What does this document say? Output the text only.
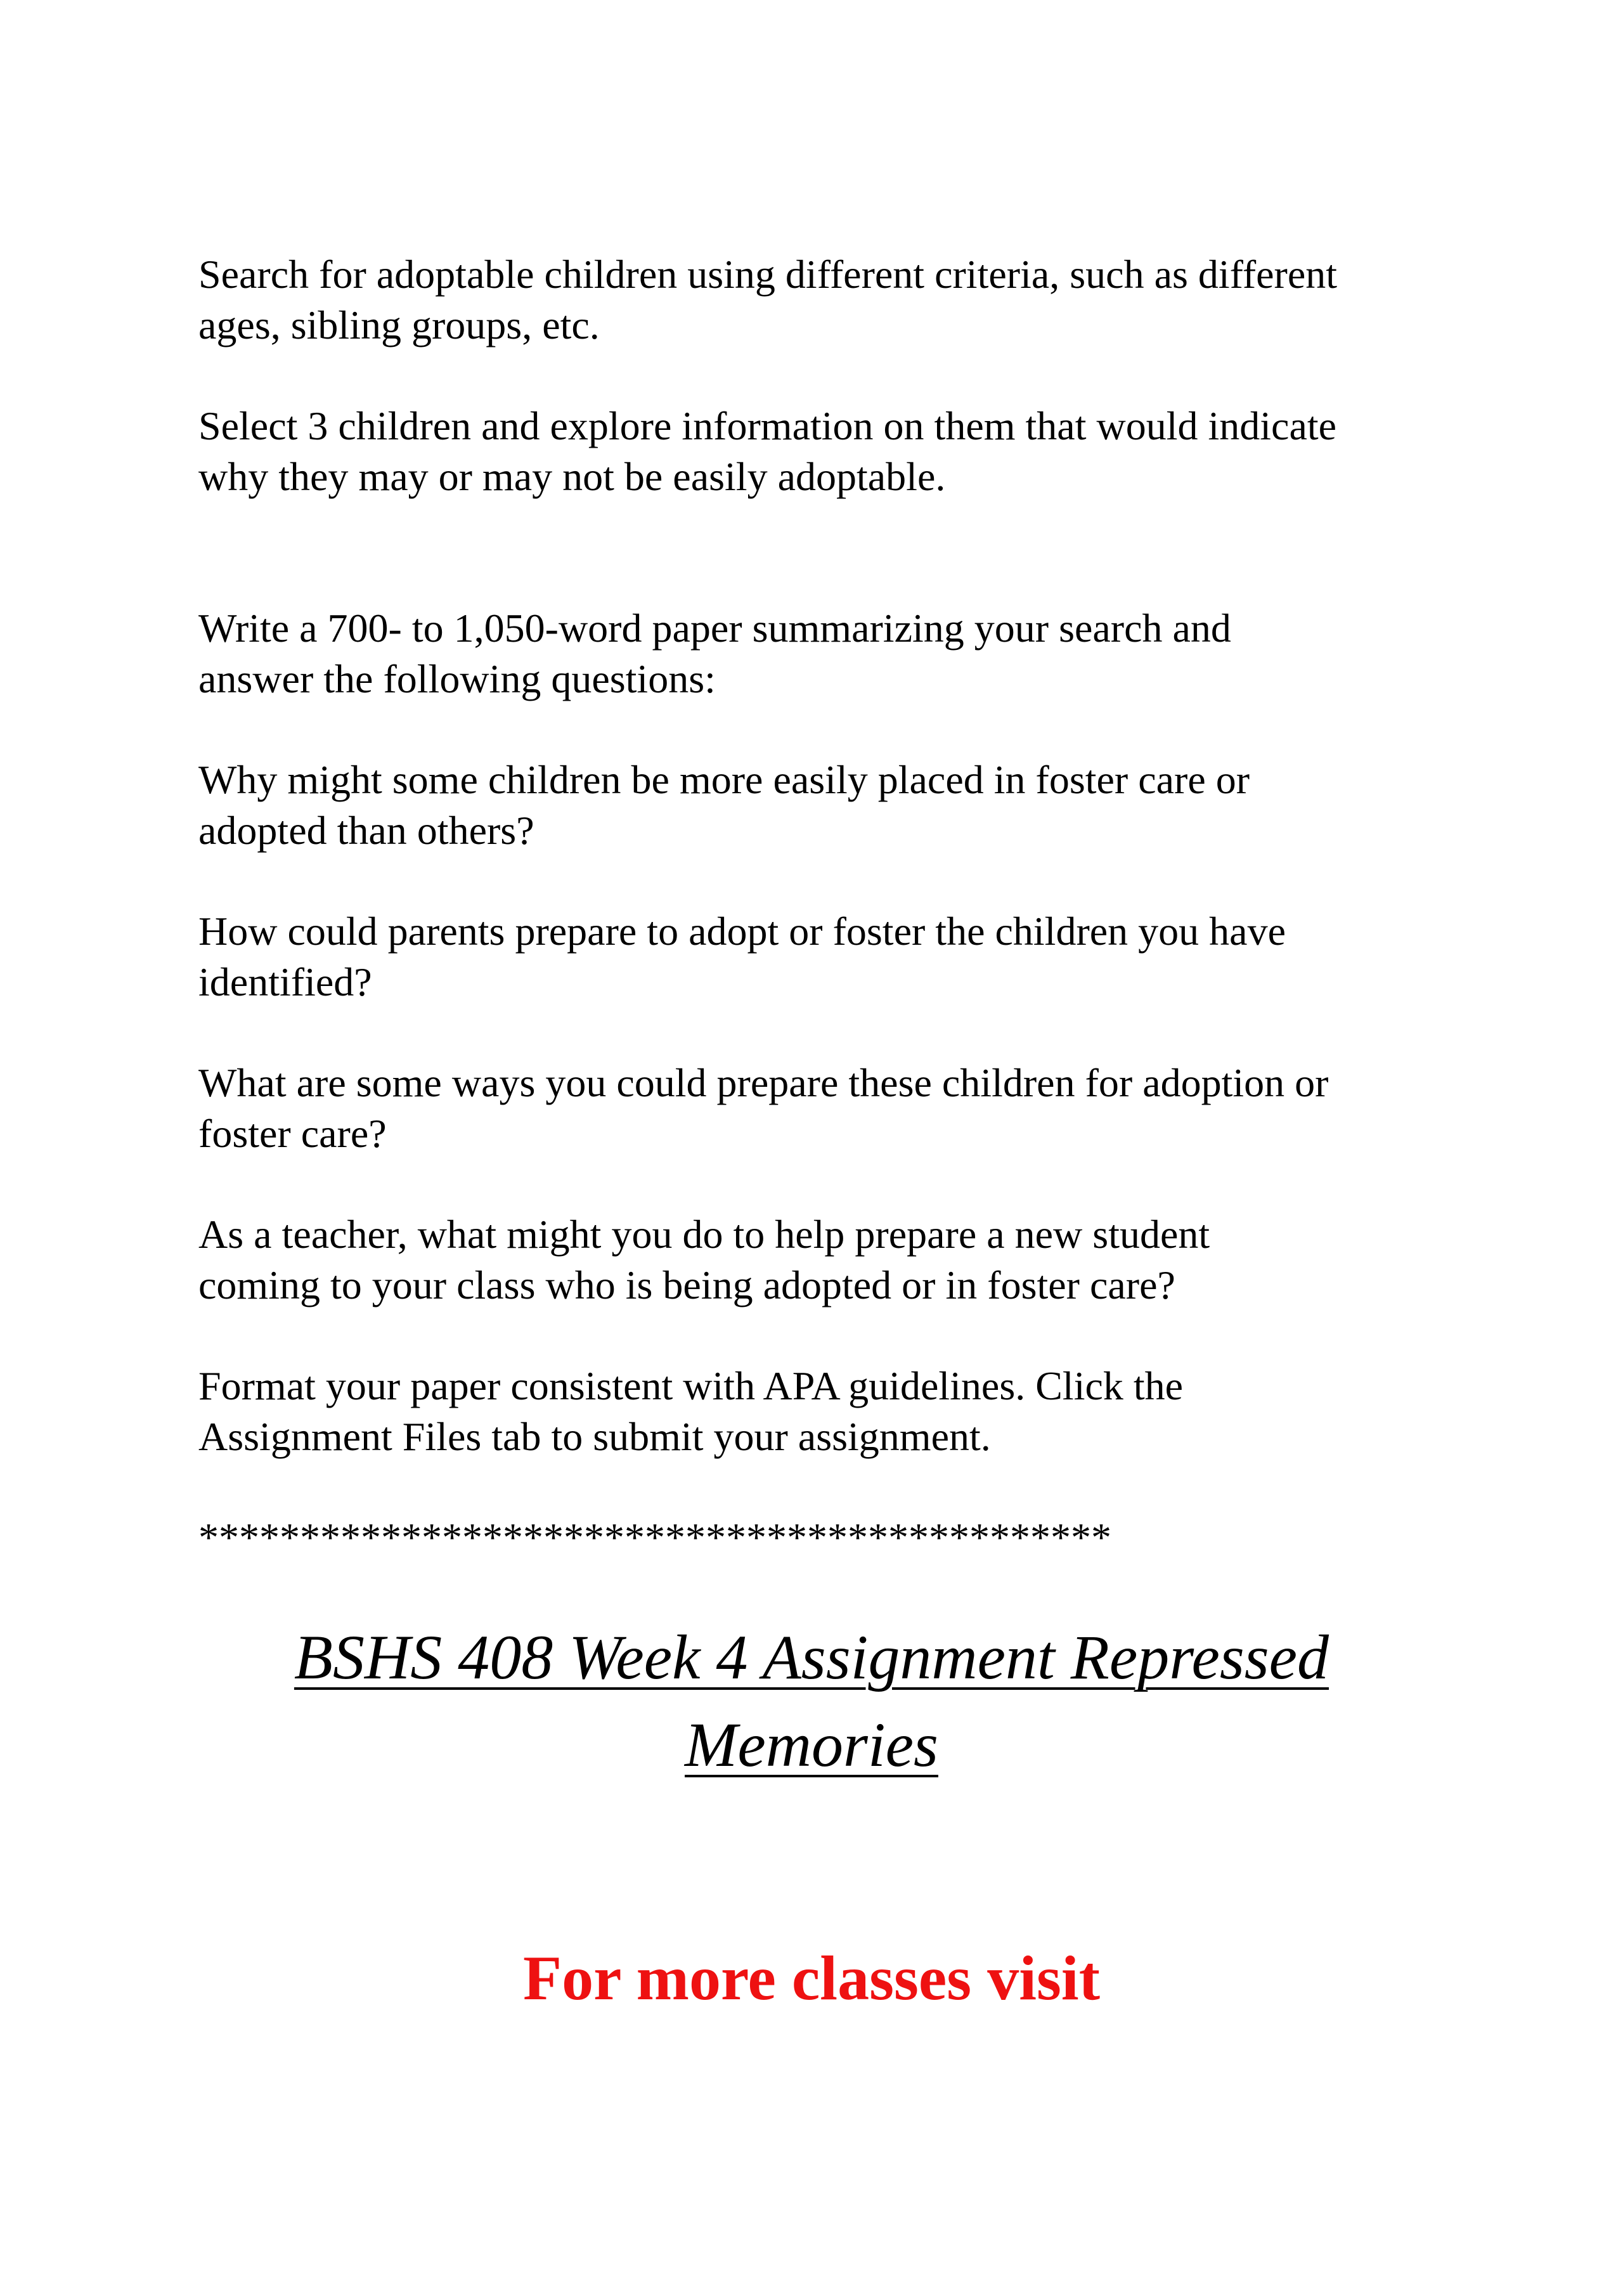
Search for adoptable children using different criteria, such as different
ages, sibling groups, etc.

Select 3 children and explore information on them that would indicate
why they may or may not be easily adoptable.

Write a 700- to 1,050-word paper summarizing your search and
answer the following questions:

Why might some children be more easily placed in foster care or
adopted than others?

How could parents prepare to adopt or foster the children you have
identified?

What are some ways you could prepare these children for adoption or
foster care?

As a teacher, what might you do to help prepare a new student
coming to your class who is being adopted or in foster care?

Format your paper consistent with APA guidelines. Click the
Assignment Files tab to submit your assignment.

*********************************************

BSHS 408 Week 4 Assignment Repressed
Memories

For more classes visit
